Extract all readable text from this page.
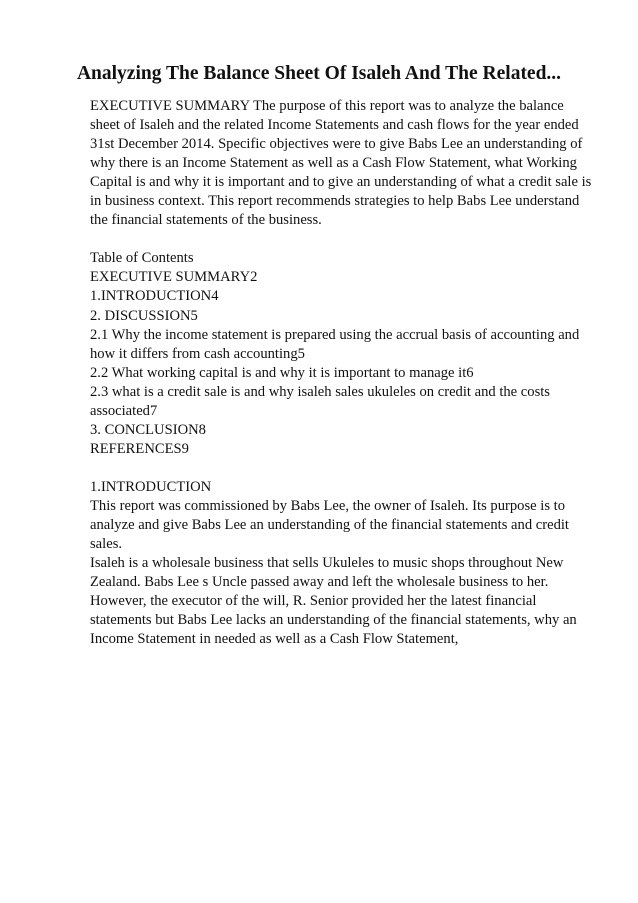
Analyzing The Balance Sheet Of Isaleh And The Related...
EXECUTIVE SUMMARY The purpose of this report was to analyze the balance
sheet of Isaleh and the related Income Statements and cash flows for the year ended
31st December 2014. Specific objectives were to give Babs Lee an understanding of
why there is an Income Statement as well as a Cash Flow Statement, what Working
Capital is and why it is important and to give an understanding of what a credit sale is
in business context. This report recommends strategies to help Babs Lee understand
the financial statements of the business.
Table of Contents
EXECUTIVE SUMMARY2
1.INTRODUCTION4
2. DISCUSSION5
2.1 Why the income statement is prepared using the accrual basis of accounting and
how it differs from cash accounting5
2.2 What working capital is and why it is important to manage it6
2.3 what is a credit sale is and why isaleh sales ukuleles on credit and the costs
associated7
3. CONCLUSION8
REFERENCES9
1.INTRODUCTION
This report was commissioned by Babs Lee, the owner of Isaleh. Its purpose is to
analyze and give Babs Lee an understanding of the financial statements and credit
sales.
Isaleh is a wholesale business that sells Ukuleles to music shops throughout New
Zealand. Babs Lee s Uncle passed away and left the wholesale business to her.
However, the executor of the will, R. Senior provided her the latest financial
statements but Babs Lee lacks an understanding of the financial statements, why an
Income Statement in needed as well as a Cash Flow Statement,
